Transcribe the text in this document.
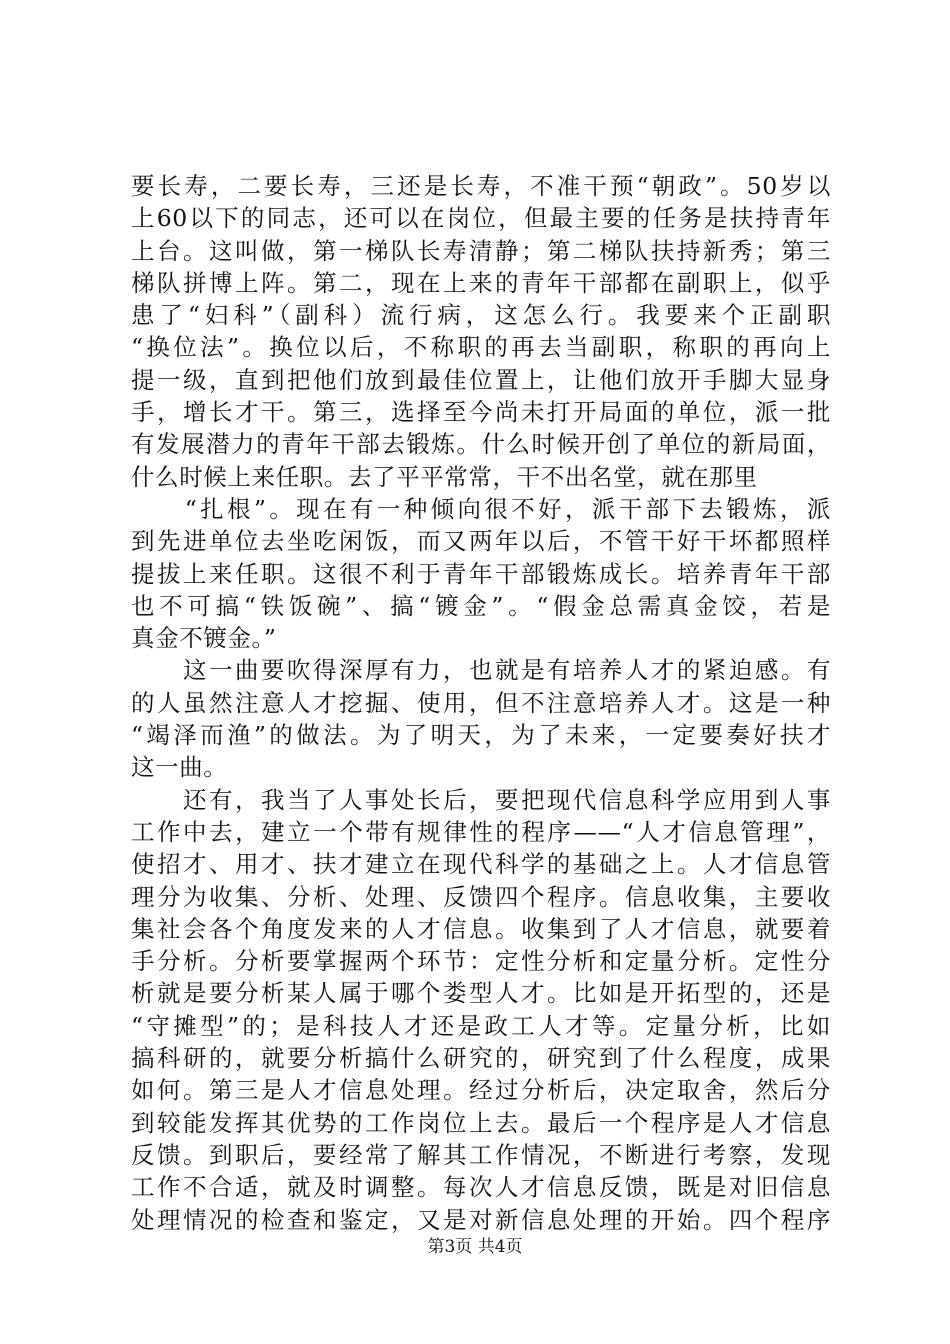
要长寿，二要长寿，三还是长寿，不准干预“朝政”。50岁以
上60以下的同志，还可以在岗位，但最主要的任务是扶持青年
上台。这叫做，第一梯队长寿清静；第二梯队扶持新秀；第三
梯队拼博上阵。第二，现在上来的青年干部都在副职上，似乎
患了“妇科”（副科）流行病，这怎么行。我要来个正副职
“换位法”。换位以后，不称职的再去当副职，称职的再向上
提一级，直到把他们放到最佳位置上，让他们放开手脚大显身
手，增长才干。第三，选择至今尚未打开局面的单位，派一批
有发展潜力的青年干部去锻炼。什么时候开创了单位的新局面，
什么时候上来任职。去了平平常常，干不出名堂，就在那里
　　“扎根”。现在有一种倾向很不好，派干部下去锻炼，派
到先进单位去坐吃闲饭，而又两年以后，不管干好干坏都照样
提拔上来任职。这很不利于青年干部锻炼成长。培养青年干部
也不可搞“铁饭碗”、搞“镀金”。“假金总需真金饺，若是
真金不镀金。”
　　这一曲要吹得深厚有力，也就是有培养人才的紧迫感。有
的人虽然注意人才挖掘、使用，但不注意培养人才。这是一种
“竭泽而渔”的做法。为了明天，为了未来，一定要奏好扶才
这一曲。
　　还有，我当了人事处长后，要把现代信息科学应用到人事
工作中去，建立一个带有规律性的程序——“人才信息管理”，
使招才、用才、扶才建立在现代科学的基础之上。人才信息管
理分为收集、分析、处理、反馈四个程序。信息收集，主要收
集社会各个角度发来的人才信息。收集到了人才信息，就要着
手分析。分析要掌握两个环节：定性分析和定量分析。定性分
析就是要分析某人属于哪个娄型人才。比如是开拓型的，还是
“守摊型”的；是科技人才还是政工人才等。定量分析，比如
搞科研的，就要分析搞什么研究的，研究到了什么程度，成果
如何。第三是人才信息处理。经过分析后，决定取舍，然后分
到较能发挥其优势的工作岗位上去。最后一个程序是人才信息
反馈。到职后，要经常了解其工作情况，不断进行考察，发现
工作不合适，就及时调整。每次人才信息反馈，既是对旧信息
处理情况的检查和鉴定，又是对新信息处理的开始。四个程序
第3页 共4页
